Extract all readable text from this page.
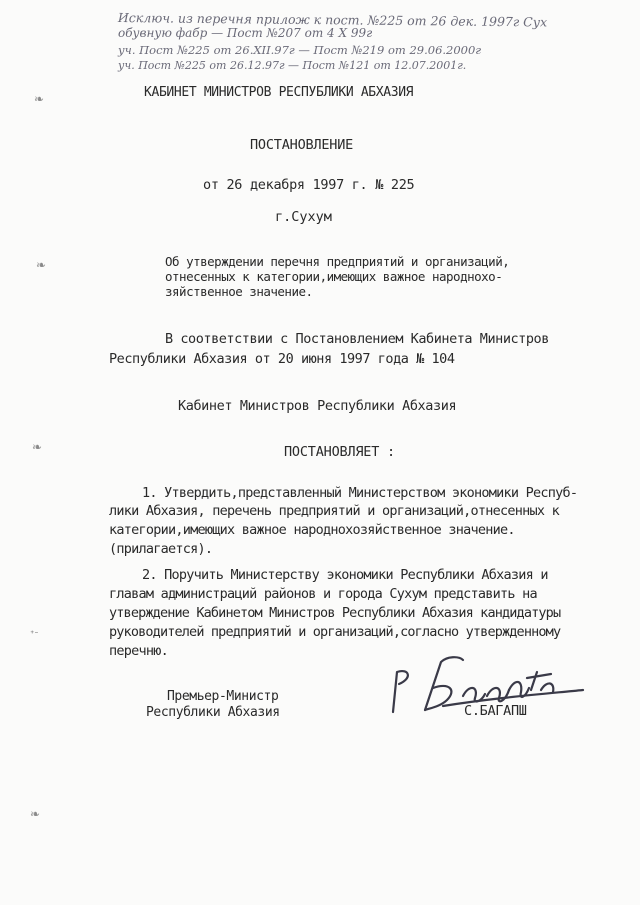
Исключ. из перечня прилож к пост. №225 от 26 дек. 1997г Сух
обувную фабр — Пост №207 от 4 X 99г
уч. Пост №225 от 26.XII.97г — Пост №219 от 29.06.2000г
уч. Пост №225 от 26.12.97г — Пост №121 от 12.07.2001г.
КАБИНЕТ МИНИСТРОВ РЕСПУБЛИКИ АБХАЗИЯ
ПОСТАНОВЛЕНИЕ
от 26 декабря 1997 г. № 225
г.Сухум
Об утверждении перечня предприятий и организаций,
отнесенных к категории,имеющих важное народнохо-
зяйственное значение.
В соответствии с Постановлением Кабинета Министров
Республики Абхазия от 20 июня 1997 года № 104
Кабинет Министров Республики Абхазия
ПОСТАНОВЛЯЕТ :
1. Утвердить,представленный Министерством экономики Респуб-
лики Абхазия, перечень предприятий и организаций,отнесенных к
категории,имеющих важное народнохозяйственное значение.
(прилагается).
2. Поручить Министерству экономики Республики Абхазия и
главам администраций районов и города Сухум представить на
утверждение Кабинетом Министров Республики Абхазия кандидатуры
руководителей предприятий и организаций,согласно утвержденному
перечню.
Премьер-Министр
Республики Абхазия	С.БАГАПШ
❧
❧
❧
ᐩᐨ
❧
